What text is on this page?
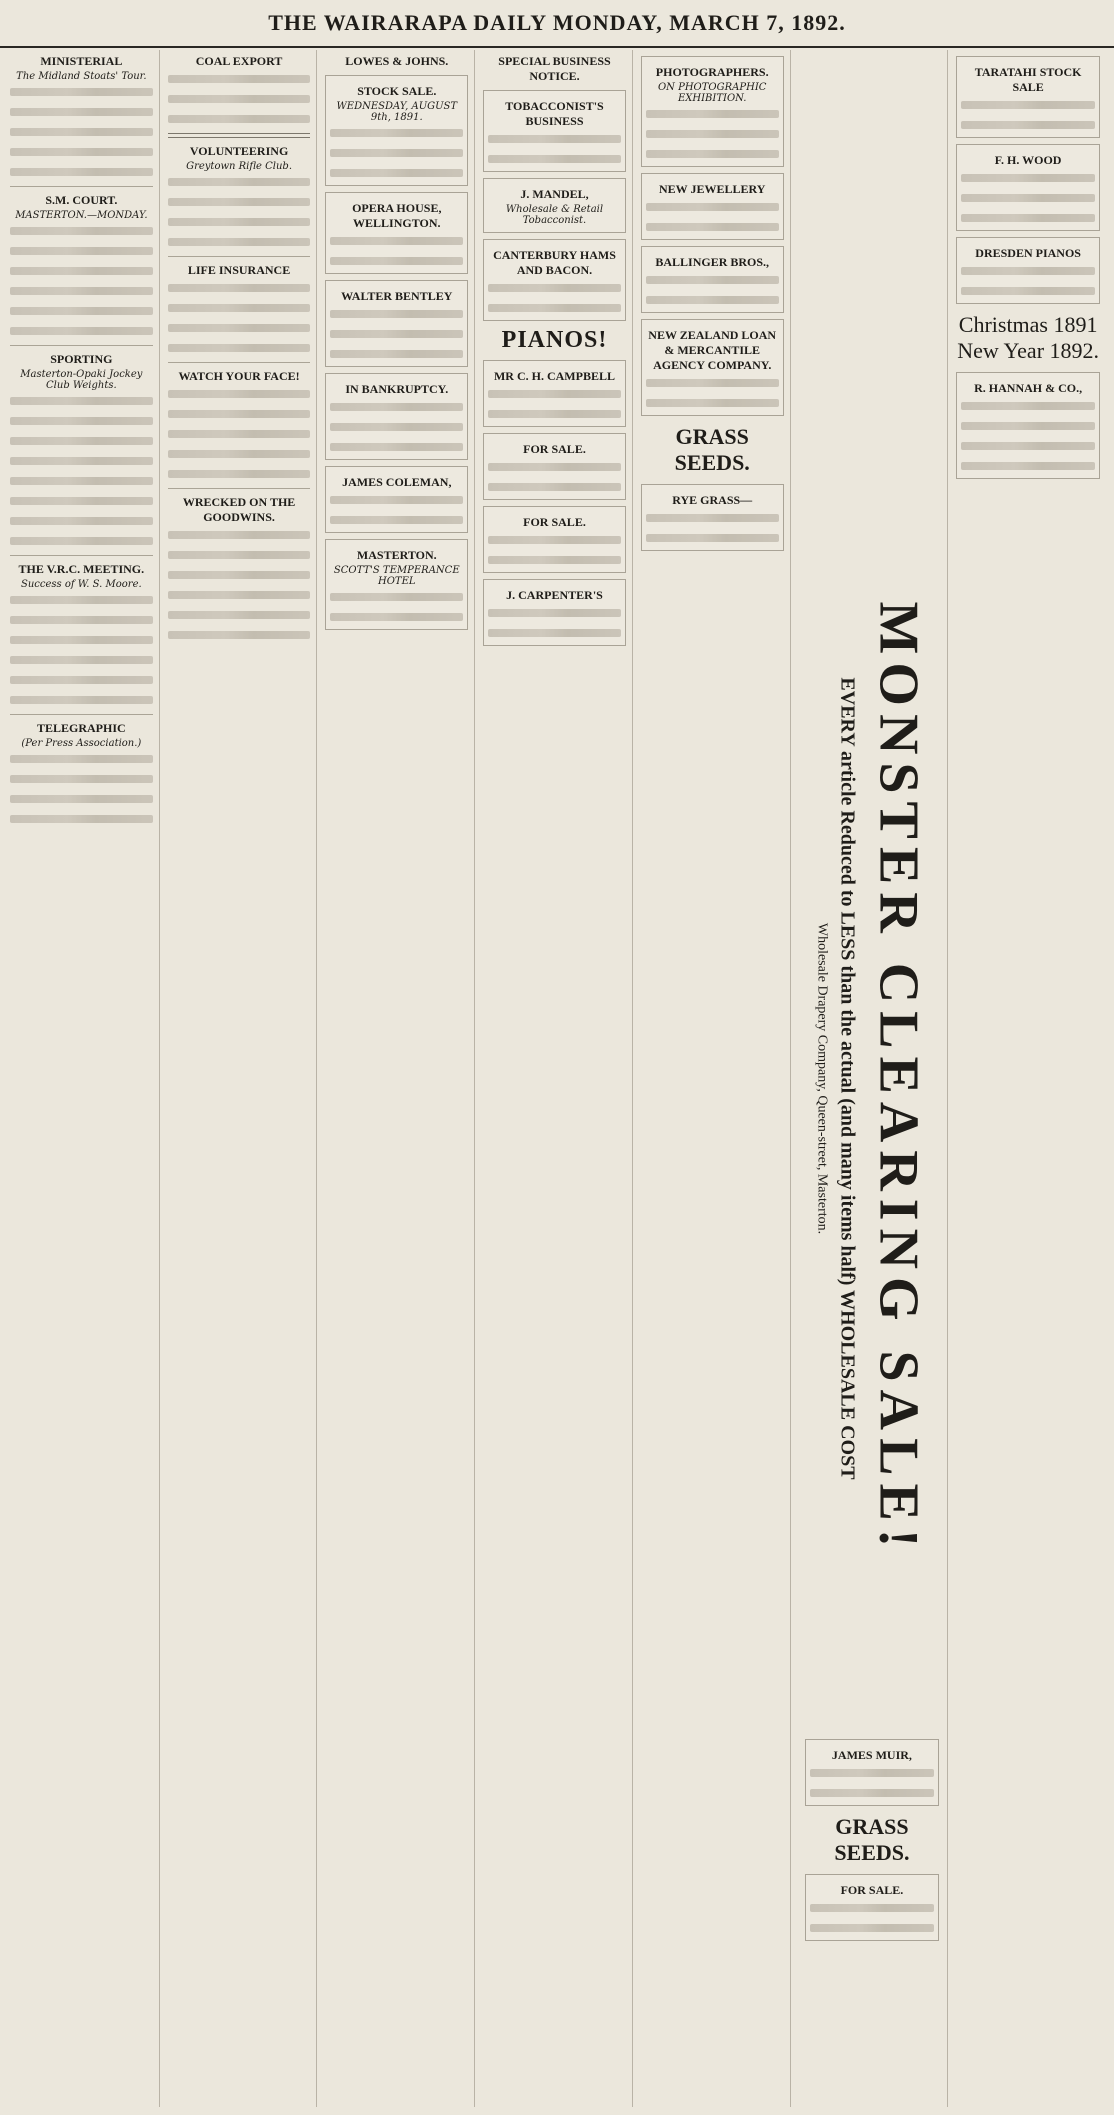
THE WAIRARAPA DAILY MONDAY, MARCH 7, 1892.
MINISTERIAL
The Midland Stoats' Tour.
S.M. COURT.
MASTERTON.—MONDAY.
SPORTING
Masterton-Opaki Jockey Club Weights.
THE V.R.C. MEETING.
Success of W. S. Moore.
TELEGRAPHIC
(Per Press Association.)
COAL EXPORT
VOLUNTEERING
Greytown Rifle Club.
LIFE INSURANCE
WATCH YOUR FACE!
WRECKED ON THE GOODWINS.
LOWES & JOHNS.
STOCK SALE.
WEDNESDAY, AUGUST 9th, 1891.
OPERA HOUSE, WELLINGTON.
WALTER BENTLEY
IN BANKRUPTCY.
JAMES COLEMAN,
MASTERTON.
SCOTT'S TEMPERANCE HOTEL
SPECIAL BUSINESS NOTICE.
TOBACCONIST'S BUSINESS
J. MANDEL,
Wholesale & Retail Tobacconist.
CANTERBURY HAMS AND BACON.
PIANOS!
MR C. H. CAMPBELL
FOR SALE.
FOR SALE.
J. CARPENTER'S
PHOTOGRAPHERS.
ON PHOTOGRAPHIC EXHIBITION.
NEW JEWELLERY
BALLINGER BROS.,
NEW ZEALAND LOAN & MERCANTILE AGENCY COMPANY.
GRASS SEEDS.
RYE GRASS—
MONSTER CLEARING SALE!
EVERY article Reduced to LESS than the actual (and many items half) WHOLESALE COST
Wholesale Drapery Company, Queen-street, Masterton.
JAMES MUIR,
GRASS SEEDS.
FOR SALE.
TARATAHI STOCK SALE
F. H. WOOD
DRESDEN PIANOS
Christmas 1891
New Year 1892.
R. HANNAH & CO.,
